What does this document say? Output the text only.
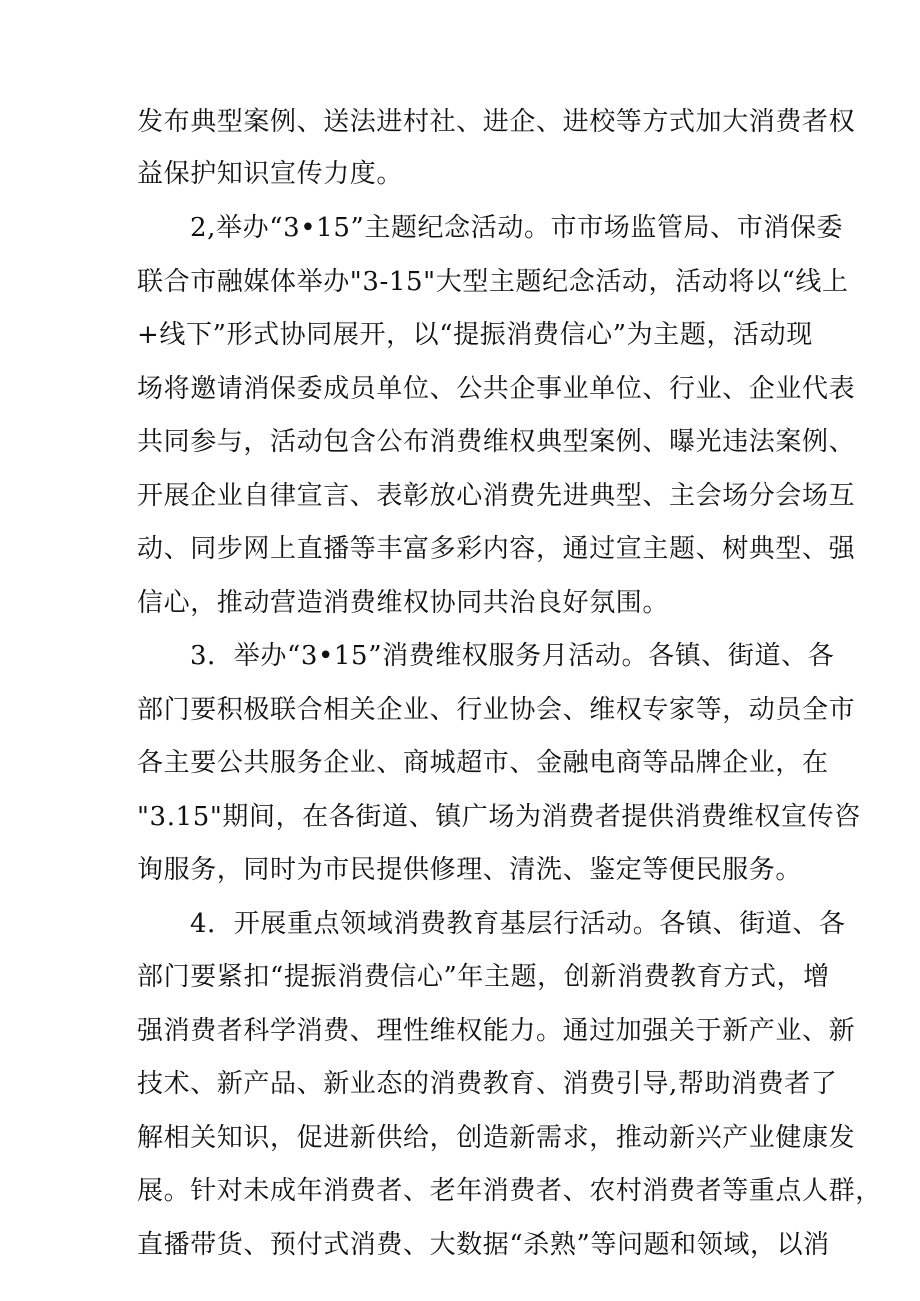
发布典型案例、送法进村社、进企、进校等方式加大消费者权
益保护知识宣传力度。
2,举办“3•15”主题纪念活动。市市场监管局、市消保委
联合市融媒体举办"3-15"大型主题纪念活动，活动将以“线上
+线下”形式协同展开，以“提振消费信心”为主题，活动现
场将邀请消保委成员单位、公共企事业单位、行业、企业代表
共同参与，活动包含公布消费维权典型案例、曝光违法案例、
开展企业自律宣言、表彰放心消费先进典型、主会场分会场互
动、同步网上直播等丰富多彩内容，通过宣主题、树典型、强
信心，推动营造消费维权协同共治良好氛围。
3．举办“3•15”消费维权服务月活动。各镇、街道、各
部门要积极联合相关企业、行业协会、维权专家等，动员全市
各主要公共服务企业、商城超市、金融电商等品牌企业，在
"3.15"期间，在各街道、镇广场为消费者提供消费维权宣传咨
询服务，同时为市民提供修理、清洗、鉴定等便民服务。
4．开展重点领域消费教育基层行活动。各镇、街道、各
部门要紧扣“提振消费信心”年主题，创新消费教育方式，增
强消费者科学消费、理性维权能力。通过加强关于新产业、新
技术、新产品、新业态的消费教育、消费引导,帮助消费者了
解相关知识，促进新供给，创造新需求，推动新兴产业健康发
展。针对未成年消费者、老年消费者、农村消费者等重点人群，
直播带货、预付式消费、大数据“杀熟”等问题和领域，以消
